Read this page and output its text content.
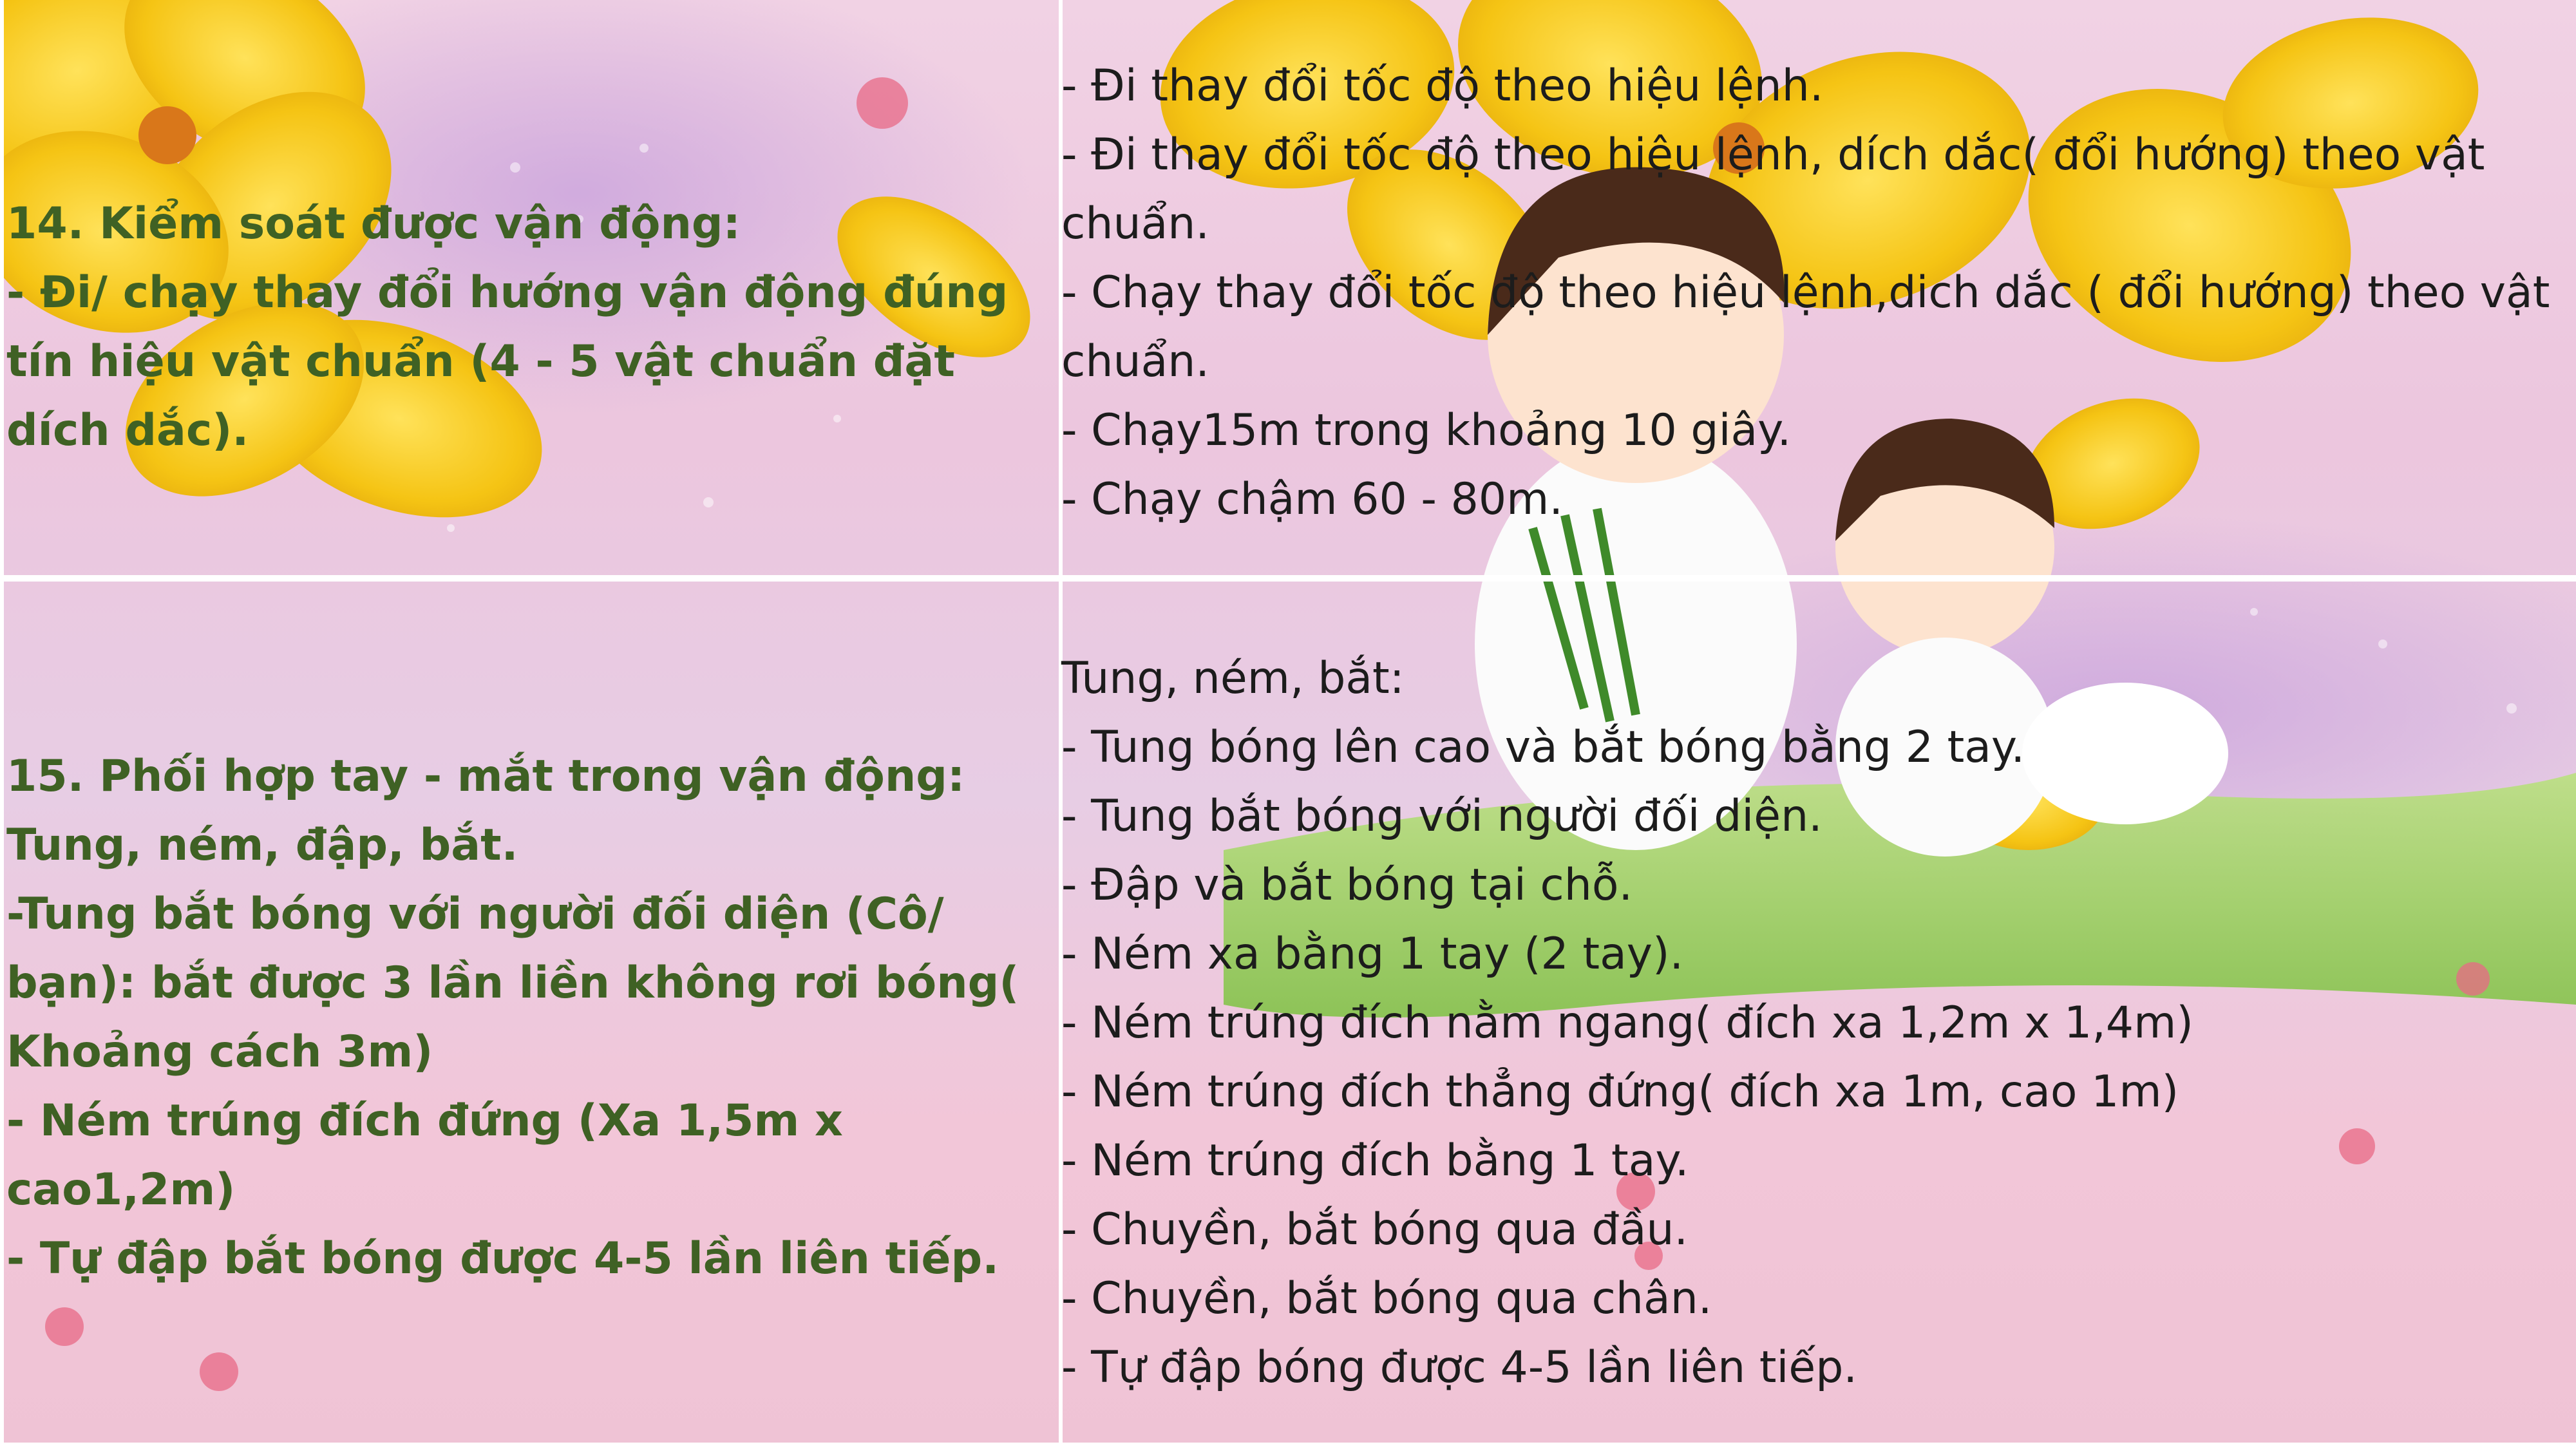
14. Kiểm soát được vận động:

- Đi/ chạy thay đổi hướng vận động đúng tín hiệu vật chuẩn (4 - 5 vật chuẩn đặt dích dắc).

- Đi thay đổi tốc độ theo hiệu lệnh.

- Đi thay đổi tốc độ theo hiệu lệnh, dích dắc( đổi hướng) theo vật chuẩn.

- Chạy thay đổi tốc độ theo hiệu lệnh,dich dắc ( đổi hướng) theo vật chuẩn.

- Chạy15m trong khoảng 10 giây.

- Chạy chậm 60 - 80m.

15. Phối hợp tay - mắt trong vận động: Tung, ném, đập, bắt.

-Tung bắt bóng với người đối diện (Cô/ bạn): bắt được 3 lần liền không rơi bóng( Khoảng cách 3m)

- Ném trúng đích đứng (Xa 1,5m x cao1,2m)

- Tự đập bắt bóng được 4-5 lần liên tiếp.

Tung, ném, bắt:

- Tung bóng lên cao và bắt bóng bằng 2 tay.

- Tung bắt bóng với người đối diện.

- Đập và bắt bóng tại chỗ.

- Ném xa bằng 1 tay (2 tay).

- Ném trúng đích nằm ngang( đích xa 1,2m x 1,4m)

- Ném trúng đích thẳng đứng( đích xa 1m, cao 1m)

- Ném trúng đích bằng 1 tay.

- Chuyền, bắt bóng qua đầu.

- Chuyền, bắt bóng qua chân.

- Tự đập bóng được 4-5 lần liên tiếp.
